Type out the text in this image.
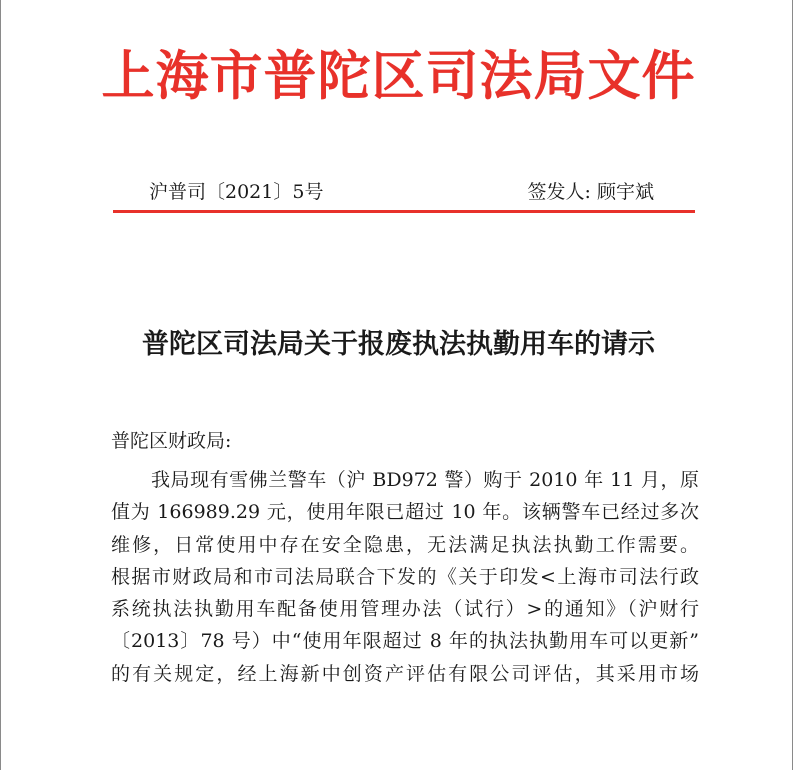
上海市普陀区司法局文件
沪普司〔2021〕5号	签发人: 顾宇斌
普陀区司法局关于报废执法执勤用车的请示
普陀区财政局:
我局现有雪佛兰警车（沪 BD972 警）购于 2010 年 11 月，原
值为 166989.29 元，使用年限已超过 10 年。该辆警车已经过多次
维修，日常使用中存在安全隐患，无法满足执法执勤工作需要。
根据市财政局和市司法局联合下发的《关于印发<上海市司法行政
系统执法执勤用车配备使用管理办法（试行）>的通知》（沪财行
〔2013〕78 号）中“使用年限超过 8 年的执法执勤用车可以更新”
的有关规定，经上海新中创资产评估有限公司评估，其采用市场
